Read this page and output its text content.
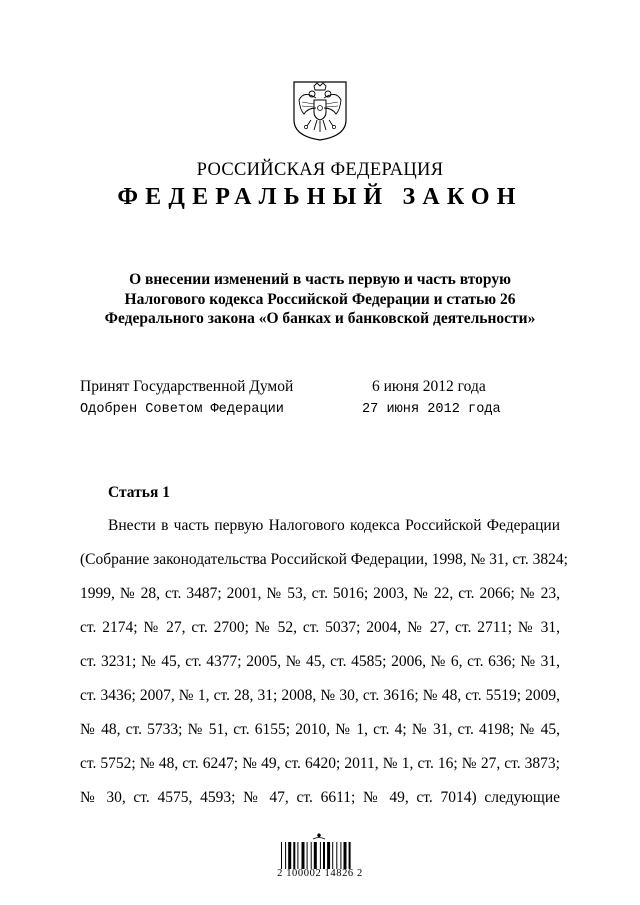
РОССИЙСКАЯ ФЕДЕРАЦИЯ
ФЕДЕРАЛЬНЫЙ ЗАКОН
О внесении изменений в часть первую и часть вторую
Налогового кодекса Российской Федерации и статью 26
Федерального закона «О банках и банковской деятельности»
Принят Государственной Думой	6 июня 2012 года
Одобрен Советом Федерации	27 июня 2012 года
Статья 1
Внести в часть первую Налогового кодекса Российской Федерации
(Собрание законодательства Российской Федерации, 1998, № 31, ст. 3824;
1999, № 28, ст. 3487; 2001, № 53, ст. 5016; 2003, № 22, ст. 2066; № 23,
ст. 2174; № 27, ст. 2700; № 52, ст. 5037; 2004, № 27, ст. 2711; № 31,
ст. 3231; № 45, ст. 4377; 2005, № 45, ст. 4585; 2006, № 6, ст. 636; № 31,
ст. 3436; 2007, № 1, ст. 28, 31; 2008, № 30, ст. 3616; № 48, ст. 5519; 2009,
№ 48, ст. 5733; № 51, ст. 6155; 2010, № 1, ст. 4; № 31, ст. 4198; № 45,
ст. 5752; № 48, ст. 6247; № 49, ст. 6420; 2011, № 1, ст. 16; № 27, ст. 3873;
№ 30, ст. 4575, 4593; № 47, ст. 6611; № 49, ст. 7014) следующие
2 100002 14826 2
